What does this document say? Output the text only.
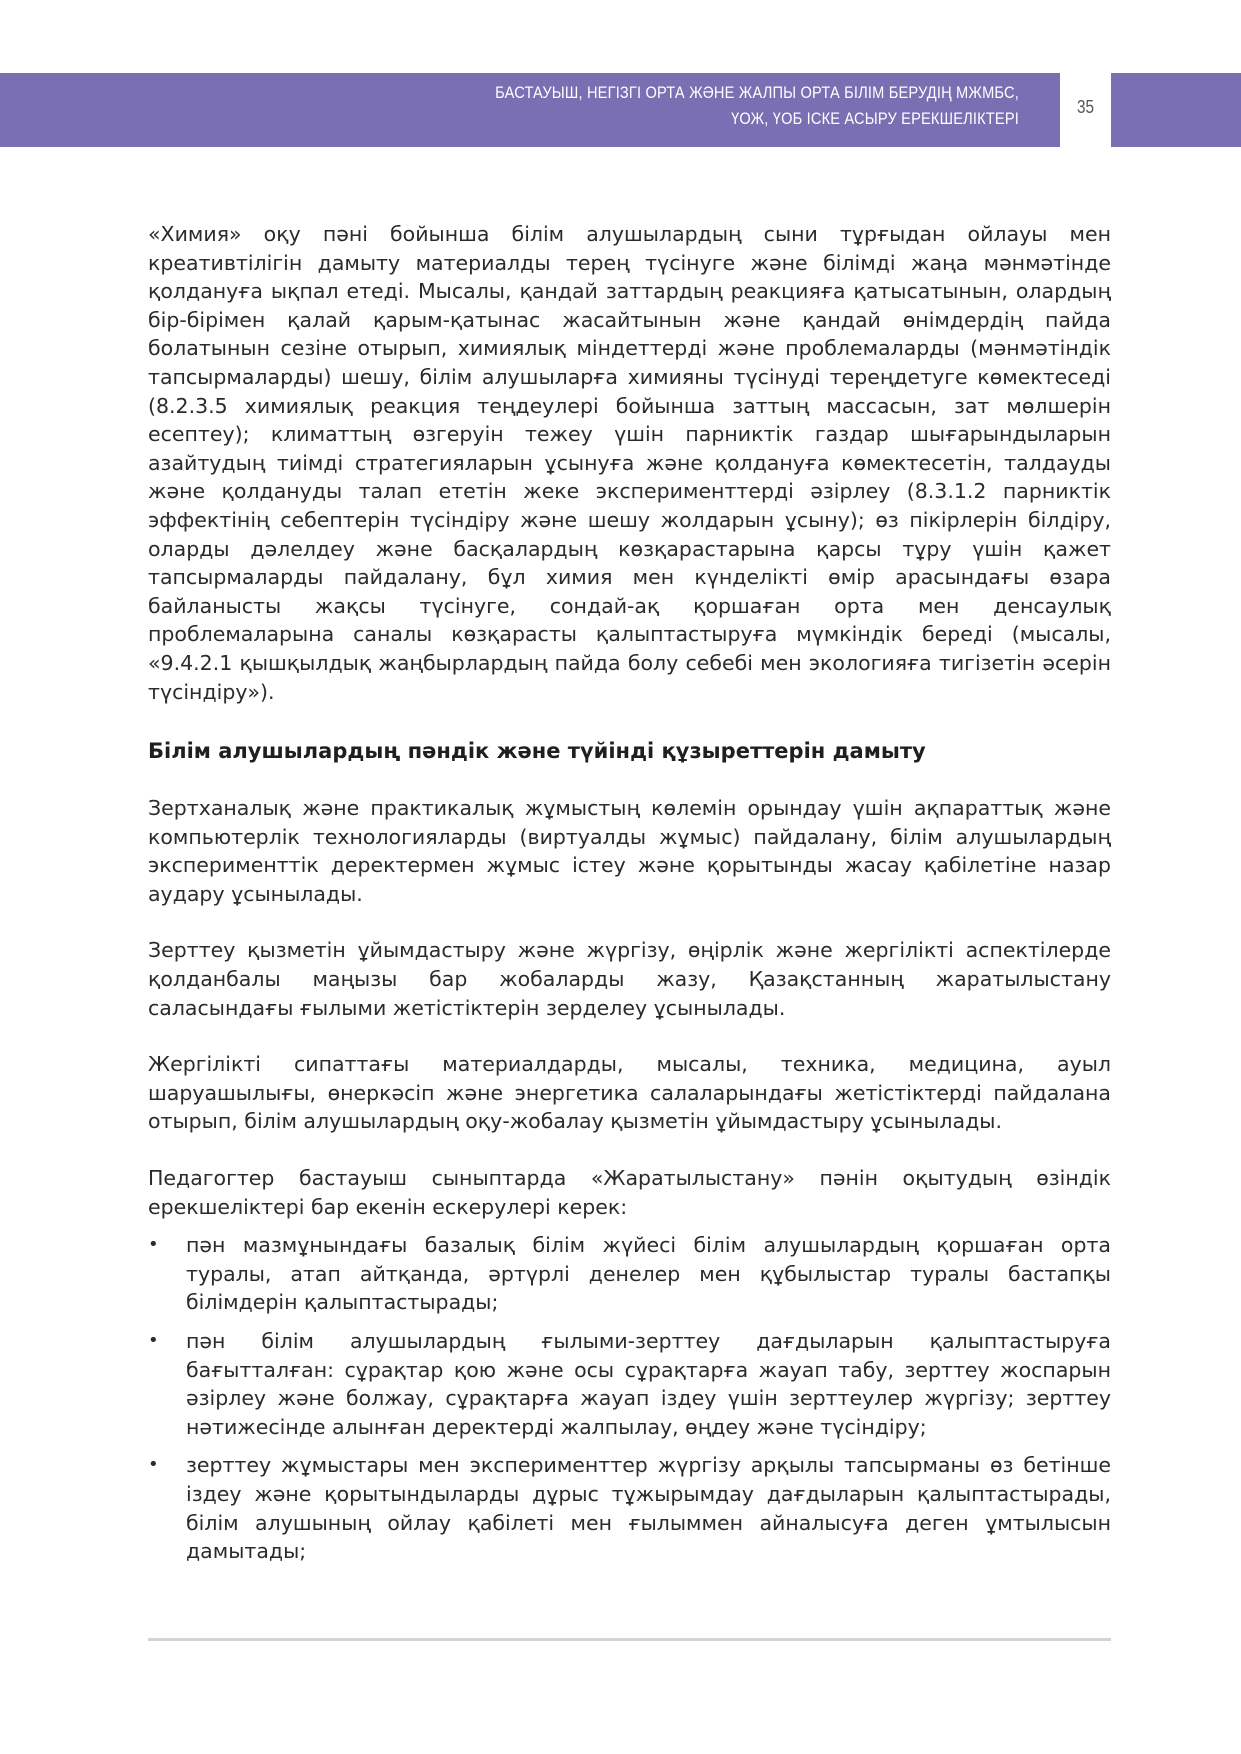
БАСТАУЫШ, НЕГІЗГІ ОРТА ЖӘНЕ ЖАЛПЫ ОРТА БІЛІМ БЕРУДІҢ МЖМБС,
ҮОЖ, ҮОБ ІСКЕ АСЫРУ ЕРЕКШЕЛІКТЕРІ
35

«Химия» оқу пәні бойынша білім алушылардың сыни тұрғыдан ойлауы мен креативтілігін дамыту материалды терең түсінуге және білімді жаңа мәнмәтінде қолдануға ықпал етеді. Мысалы, қандай заттардың реакцияға қатысатынын, олардың бір-бірімен қалай қарым-қатынас жасайтынын және қандай өнімдердің пайда болатынын сезіне отырып, химиялық міндеттерді және проблемаларды (мәнмәтіндік тапсырмаларды) шешу, білім алушыларға химияны түсінуді тереңдетуге көмектеседі (8.2.3.5 химиялық реакция теңдеулері бойынша заттың массасын, зат мөлшерін есептеу); климаттың өзгеруін тежеу үшін парниктік газдар шығарындыларын азайтудың тиімді стратегияларын ұсынуға және қолдануға көмектесетін, талдауды және қолдануды талап ететін жеке эксперименттерді әзірлеу (8.3.1.2 парниктік эффектінің себептерін түсіндіру және шешу жолдарын ұсыну); өз пікірлерін білдіру, оларды дәлелдеу және басқалардың көзқарастарына қарсы тұру үшін қажет тапсырмаларды пайдалану, бұл химия мен күнделікті өмір арасындағы өзара байланысты жақсы түсінуге, сондай-ақ қоршаған орта мен денсаулық проблемаларына саналы көзқарасты қалыптастыруға мүмкіндік береді (мысалы, «9.4.2.1 қышқылдық жаңбырлардың пайда болу себебі мен экологияға тигізетін әсерін түсіндіру»).

Білім алушылардың пәндік және түйінді құзыреттерін дамыту

Зертханалық және практикалық жұмыстың көлемін орындау үшін ақпараттық және компьютерлік технологияларды (виртуалды жұмыс) пайдалану, білім алушылардың эксперименттік деректермен жұмыс істеу және қорытынды жасау қабілетіне назар аудару ұсынылады.

Зерттеу қызметін ұйымдастыру және жүргізу, өңірлік және жергілікті аспектілерде қолданбалы маңызы бар жобаларды жазу, Қазақстанның жаратылыстану саласындағы ғылыми жетістіктерін зерделеу ұсынылады.

Жергілікті сипаттағы материалдарды, мысалы, техника, медицина, ауыл шаруашылығы, өнеркәсіп және энергетика салаларындағы жетістіктерді пайдалана отырып, білім алушылардың оқу-жобалау қызметін ұйымдастыру ұсынылады.

Педагогтер бастауыш сыныптарда «Жаратылыстану» пәнін оқытудың өзіндік ерекшеліктері бар екенін ескерулері керек:

• пән мазмұнындағы базалық білім жүйесі білім алушылардың қоршаған орта туралы, атап айтқанда, әртүрлі денелер мен құбылыстар туралы бастапқы білімдерін қалыптастырады;
• пән білім алушылардың ғылыми-зерттеу дағдыларын қалыптастыруға бағытталған: сұрақтар қою және осы сұрақтарға жауап табу, зерттеу жоспарын әзірлеу және болжау, сұрақтарға жауап іздеу үшін зерттеулер жүргізу; зерттеу нәтижесінде алынған деректерді жалпылау, өңдеу және түсіндіру;
• зерттеу жұмыстары мен эксперименттер жүргізу арқылы тапсырманы өз бетінше іздеу және қорытындыларды дұрыс тұжырымдау дағдыларын қалыптастырады, білім алушының ойлау қабілеті мен ғылыммен айналысуға деген ұмтылысын дамытады;
